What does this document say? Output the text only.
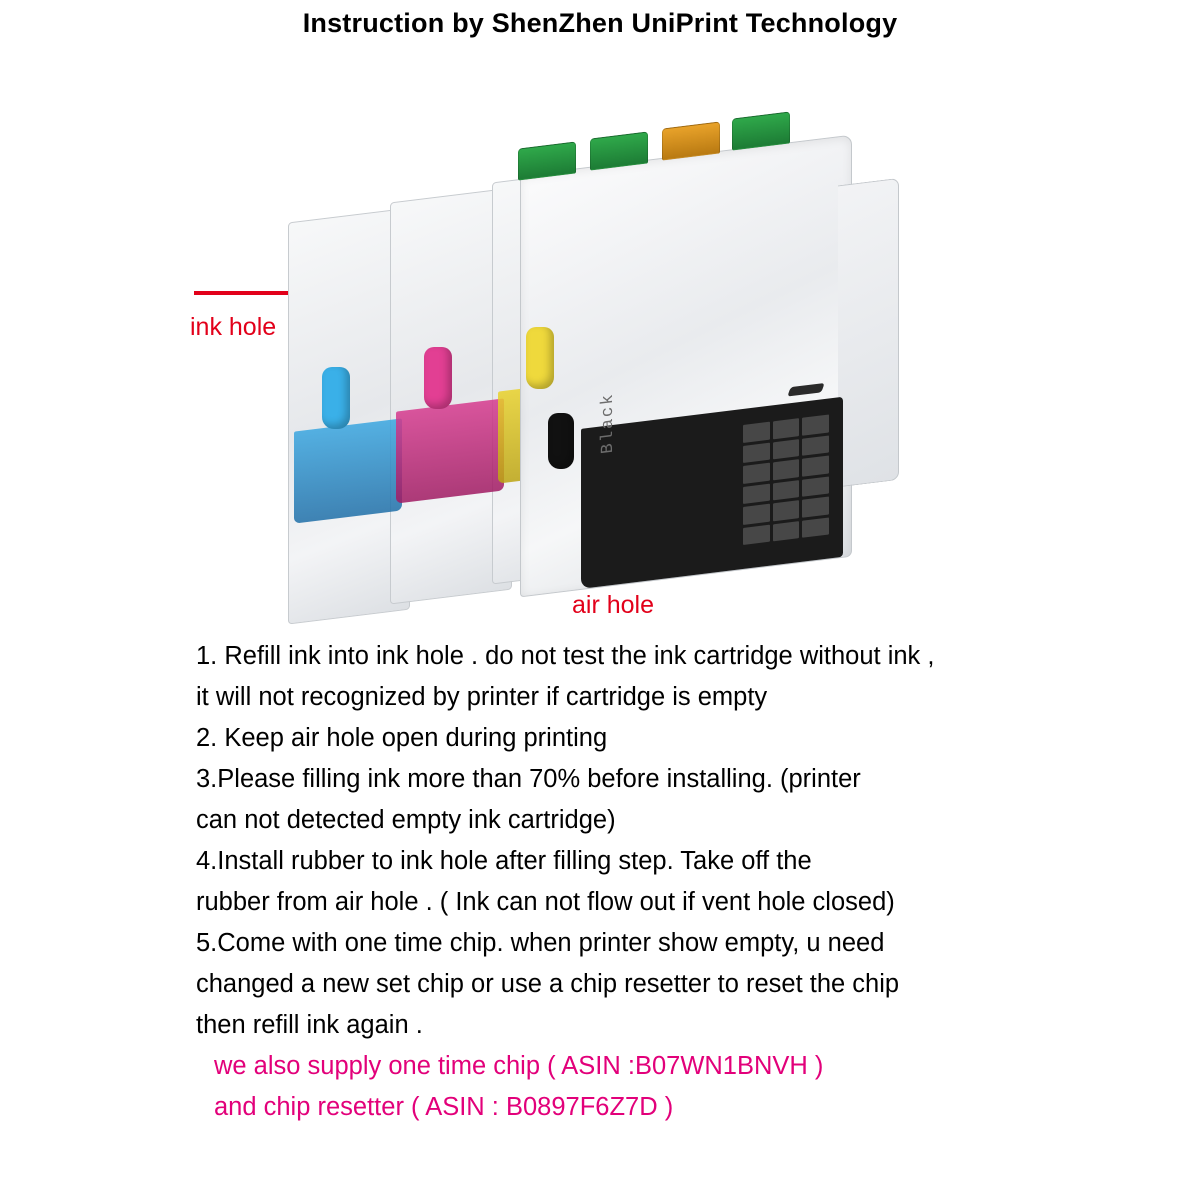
Instruction by ShenZhen UniPrint Technology
Black
ink hole
air hole
1. Refill ink into ink hole . do not test the ink cartridge without ink ,
it will not recognized by printer if cartridge is empty
2. Keep air hole open during printing
3.Please filling ink more than 70% before installing. (printer
can not detected empty ink cartridge)
4.Install rubber to ink hole after filling step. Take off the
rubber from air hole . ( Ink can not flow out if vent hole closed)
5.Come with one time chip. when printer show empty, u need
changed a new set chip or use a chip resetter to reset the chip
then refill ink again .
we also supply one time chip ( ASIN :B07WN1BNVH )
and chip resetter ( ASIN : B0897F6Z7D )
